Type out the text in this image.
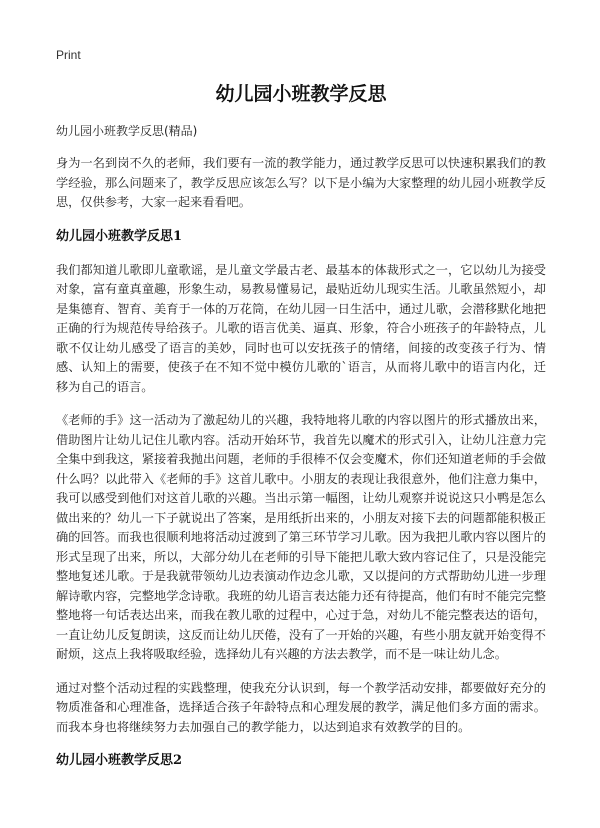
Print
幼儿园小班教学反思
幼儿园小班教学反思(精品)

身为一名到岗不久的老师，我们要有一流的教学能力，通过教学反思可以快速积累我们的教学经验，那么问题来了，教学反思应该怎么写？以下是小编为大家整理的幼儿园小班教学反思，仅供参考，大家一起来看看吧。

幼儿园小班教学反思1

我们都知道儿歌即儿童歌谣，是儿童文学最古老、最基本的体裁形式之一，它以幼儿为接受对象，富有童真童趣，形象生动，易教易懂易记，最贴近幼儿现实生活。儿歌虽然短小，却是集德育、智育、美育于一体的万花筒，在幼儿园一日生活中，通过儿歌，会潜移默化地把正确的行为规范传导给孩子。儿歌的语言优美、逼真、形象，符合小班孩子的年龄特点，儿歌不仅让幼儿感受了语言的美妙，同时也可以安抚孩子的情绪，间接的改变孩子行为、情感、认知上的需要，使孩子在不知不觉中模仿儿歌的`语言，从而将儿歌中的语言内化，迁移为自己的语言。

《老师的手》这一活动为了激起幼儿的兴趣，我特地将儿歌的内容以图片的形式播放出来，借助图片让幼儿记住儿歌内容。活动开始环节，我首先以魔术的形式引入，让幼儿注意力完全集中到我这，紧接着我抛出问题，老师的手很棒不仅会变魔术，你们还知道老师的手会做什么吗？以此带入《老师的手》这首儿歌中。小朋友的表现让我很意外，他们注意力集中，我可以感受到他们对这首儿歌的兴趣。当出示第一幅图，让幼儿观察并说说这只小鸭是怎么做出来的？幼儿一下子就说出了答案，是用纸折出来的，小朋友对接下去的问题都能积极正确的回答。而我也很顺利地将活动过渡到了第三环节学习儿歌。因为我把儿歌内容以图片的形式呈现了出来，所以，大部分幼儿在老师的引导下能把儿歌大致内容记住了，只是没能完整地复述儿歌。于是我就带领幼儿边表演动作边念儿歌，又以提问的方式帮助幼儿进一步理解诗歌内容，完整地学念诗歌。我班的幼儿语言表达能力还有待提高，他们有时不能完完整整地将一句话表达出来，而我在教儿歌的过程中，心过于急，对幼儿不能完整表达的语句，一直让幼儿反复朗读，这反而让幼儿厌倦，没有了一开始的兴趣，有些小朋友就开始变得不耐烦，这点上我将吸取经验，选择幼儿有兴趣的方法去教学，而不是一味让幼儿念。

通过对整个活动过程的实践整理，使我充分认识到，每一个教学活动安排，都要做好充分的物质准备和心理准备，选择适合孩子年龄特点和心理发展的教学，满足他们多方面的需求。而我本身也将继续努力去加强自己的教学能力，以达到追求有效教学的目的。

幼儿园小班教学反思2
